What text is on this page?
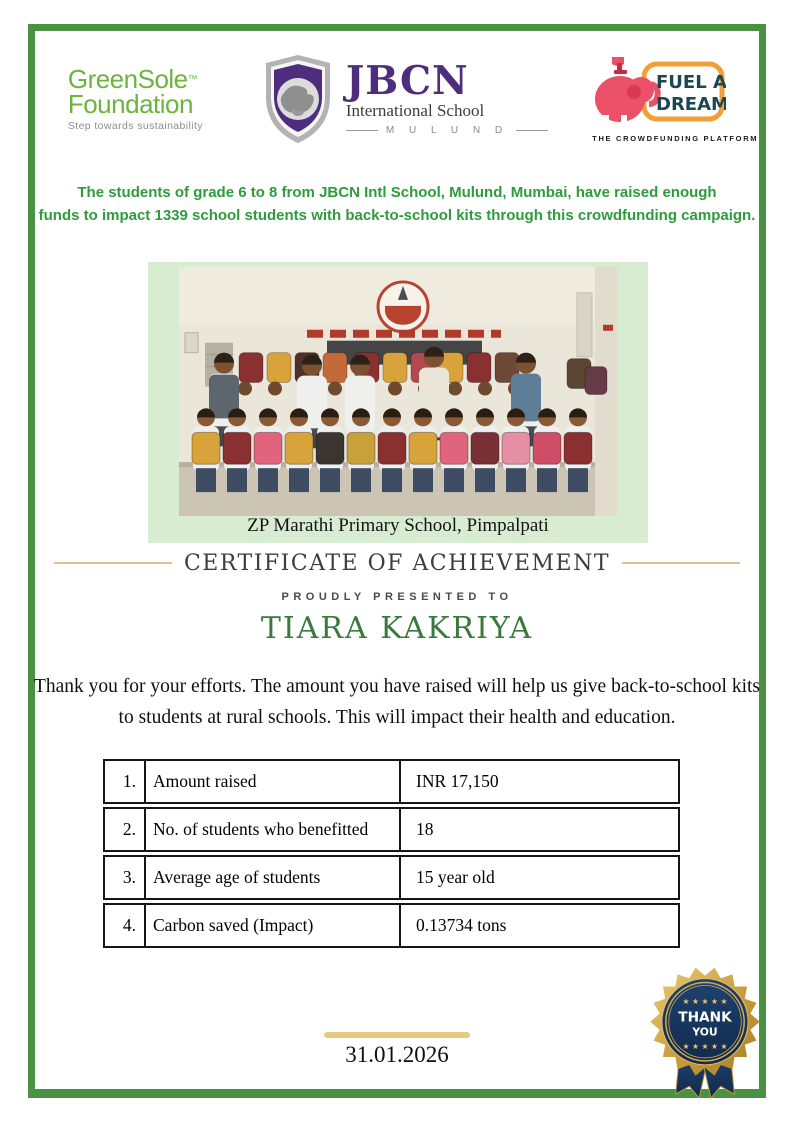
GreenSole™
Foundation
Step towards sustainability
JBCN
International School
M U L U N D
FUEL A
DREAM
THE CROWDFUNDING PLATFORM
The students of grade 6 to 8 from JBCN Intl School, Mulund, Mumbai, have raised enough
funds to impact 1339 school students with back-to-school kits through this crowdfunding campaign.
ZP Marathi Primary School, Pimpalpati
CERTIFICATE OF ACHIEVEMENT
PROUDLY PRESENTED TO
TIARA KAKRIYA
Thank you for your efforts. The amount you have raised will help us give back-to-school kits
to students at rural schools. This will impact their health and education.
1. Amount raised	INR 17,150
2. No. of students who benefitted	18
3. Average age of students	15 year old
4. Carbon saved (Impact)	0.13734 tons
★ ★ ★ ★ ★
THANK
YOU
★ ★ ★ ★ ★
31.01.2026
